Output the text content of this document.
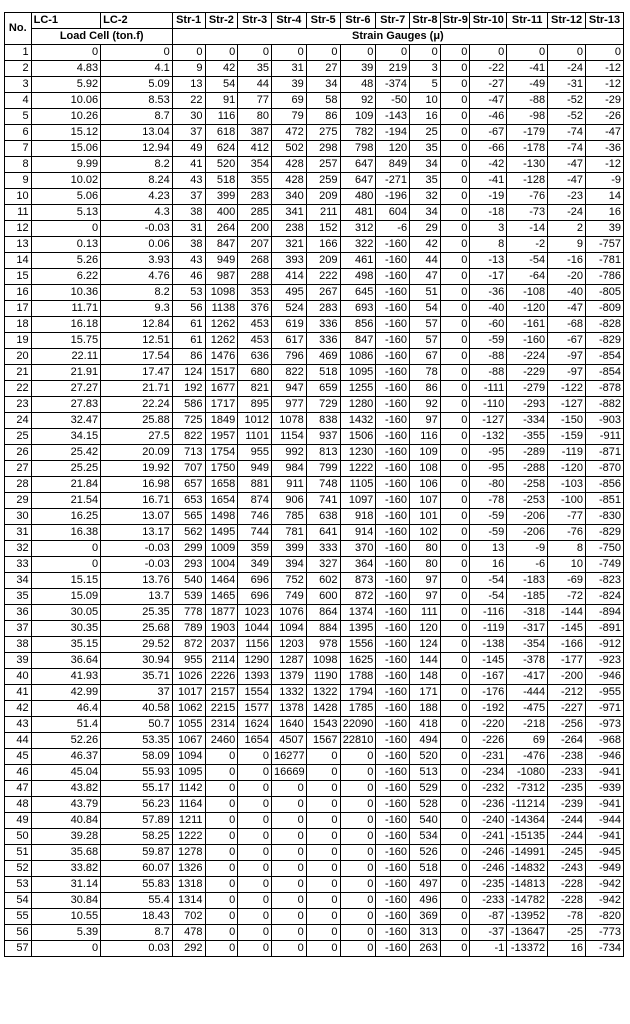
No.	LC-1	LC-2	Str-1	Str-2	Str-3	Str-4	Str-5	Str-6	Str-7	Str-8	Str-9	Str-10	Str-11	Str-12	Str-13
	Load Cell (ton.f)		Strain Gauges (μ)												
1	0	0	0	0	0	0	0	0	0	0	0	0	0	0	0
2	4.83	4.1	9	42	35	31	27	39	219	3	0	-22	-41	-24	-12
3	5.92	5.09	13	54	44	39	34	48	-374	5	0	-27	-49	-31	-12
4	10.06	8.53	22	91	77	69	58	92	-50	10	0	-47	-88	-52	-29
5	10.26	8.7	30	116	80	79	86	109	-143	16	0	-46	-98	-52	-26
6	15.12	13.04	37	618	387	472	275	782	-194	25	0	-67	-179	-74	-47
7	15.06	12.94	49	624	412	502	298	798	120	35	0	-66	-178	-74	-36
8	9.99	8.2	41	520	354	428	257	647	849	34	0	-42	-130	-47	-12
9	10.02	8.24	43	518	355	428	259	647	-271	35	0	-41	-128	-47	-9
10	5.06	4.23	37	399	283	340	209	480	-196	32	0	-19	-76	-23	14
11	5.13	4.3	38	400	285	341	211	481	604	34	0	-18	-73	-24	16
12	0	-0.03	31	264	200	238	152	312	-6	29	0	3	-14	2	39
13	0.13	0.06	38	847	207	321	166	322	-160	42	0	8	-2	9	-757
14	5.26	3.93	43	949	268	393	209	461	-160	44	0	-13	-54	-16	-781
15	6.22	4.76	46	987	288	414	222	498	-160	47	0	-17	-64	-20	-786
16	10.36	8.2	53	1098	353	495	267	645	-160	51	0	-36	-108	-40	-805
17	11.71	9.3	56	1138	376	524	283	693	-160	54	0	-40	-120	-47	-809
18	16.18	12.84	61	1262	453	619	336	856	-160	57	0	-60	-161	-68	-828
19	15.75	12.51	61	1262	453	617	336	847	-160	57	0	-59	-160	-67	-829
20	22.11	17.54	86	1476	636	796	469	1086	-160	67	0	-88	-224	-97	-854
21	21.91	17.47	124	1517	680	822	518	1095	-160	78	0	-88	-229	-97	-854
22	27.27	21.71	192	1677	821	947	659	1255	-160	86	0	-111	-279	-122	-878
23	27.83	22.24	586	1717	895	977	729	1280	-160	92	0	-110	-293	-127	-882
24	32.47	25.88	725	1849	1012	1078	838	1432	-160	97	0	-127	-334	-150	-903
25	34.15	27.5	822	1957	1101	1154	937	1506	-160	116	0	-132	-355	-159	-911
26	25.42	20.09	713	1754	955	992	813	1230	-160	109	0	-95	-289	-119	-871
27	25.25	19.92	707	1750	949	984	799	1222	-160	108	0	-95	-288	-120	-870
28	21.84	16.98	657	1658	881	911	748	1105	-160	106	0	-80	-258	-103	-856
29	21.54	16.71	653	1654	874	906	741	1097	-160	107	0	-78	-253	-100	-851
30	16.25	13.07	565	1498	746	785	638	918	-160	101	0	-59	-206	-77	-830
31	16.38	13.17	562	1495	744	781	641	914	-160	102	0	-59	-206	-76	-829
32	0	-0.03	299	1009	359	399	333	370	-160	80	0	13	-9	8	-750
33	0	-0.03	293	1004	349	394	327	364	-160	80	0	16	-6	10	-749
34	15.15	13.76	540	1464	696	752	602	873	-160	97	0	-54	-183	-69	-823
35	15.09	13.7	539	1465	696	749	600	872	-160	97	0	-54	-185	-72	-824
36	30.05	25.35	778	1877	1023	1076	864	1374	-160	111	0	-116	-318	-144	-894
37	30.35	25.68	789	1903	1044	1094	884	1395	-160	120	0	-119	-317	-145	-891
38	35.15	29.52	872	2037	1156	1203	978	1556	-160	124	0	-138	-354	-166	-912
39	36.64	30.94	955	2114	1290	1287	1098	1625	-160	144	0	-145	-378	-177	-923
40	41.93	35.71	1026	2226	1393	1379	1190	1788	-160	148	0	-167	-417	-200	-946
41	42.99	37	1017	2157	1554	1332	1322	1794	-160	171	0	-176	-444	-212	-955
42	46.4	40.58	1062	2215	1577	1378	1428	1785	-160	188	0	-192	-475	-227	-971
43	51.4	50.7	1055	2314	1624	1640	1543	22090	-160	418	0	-220	-218	-256	-973
44	52.26	53.35	1067	2460	1654	4507	1567	22810	-160	494	0	-226	69	-264	-968
45	46.37	58.09	1094	0	0	16277	0	0	-160	520	0	-231	-476	-238	-946
46	45.04	55.93	1095	0	0	16669	0	0	-160	513	0	-234	-1080	-233	-941
47	43.82	55.17	1142	0	0	0	0	0	-160	529	0	-232	-7312	-235	-939
48	43.79	56.23	1164	0	0	0	0	0	-160	528	0	-236	-11214	-239	-941
49	40.84	57.89	1211	0	0	0	0	0	-160	540	0	-240	-14364	-244	-944
50	39.28	58.25	1222	0	0	0	0	0	-160	534	0	-241	-15135	-244	-941
51	35.68	59.87	1278	0	0	0	0	0	-160	526	0	-246	-14991	-245	-945
52	33.82	60.07	1326	0	0	0	0	0	-160	518	0	-246	-14832	-243	-949
53	31.14	55.83	1318	0	0	0	0	0	-160	497	0	-235	-14813	-228	-942
54	30.84	55.4	1314	0	0	0	0	0	-160	496	0	-233	-14782	-228	-942
55	10.55	18.43	702	0	0	0	0	0	-160	369	0	-87	-13952	-78	-820
56	5.39	8.7	478	0	0	0	0	0	-160	313	0	-37	-13647	-25	-773
57	0	0.03	292	0	0	0	0	0	-160	263	0	-1	-13372	16	-734
